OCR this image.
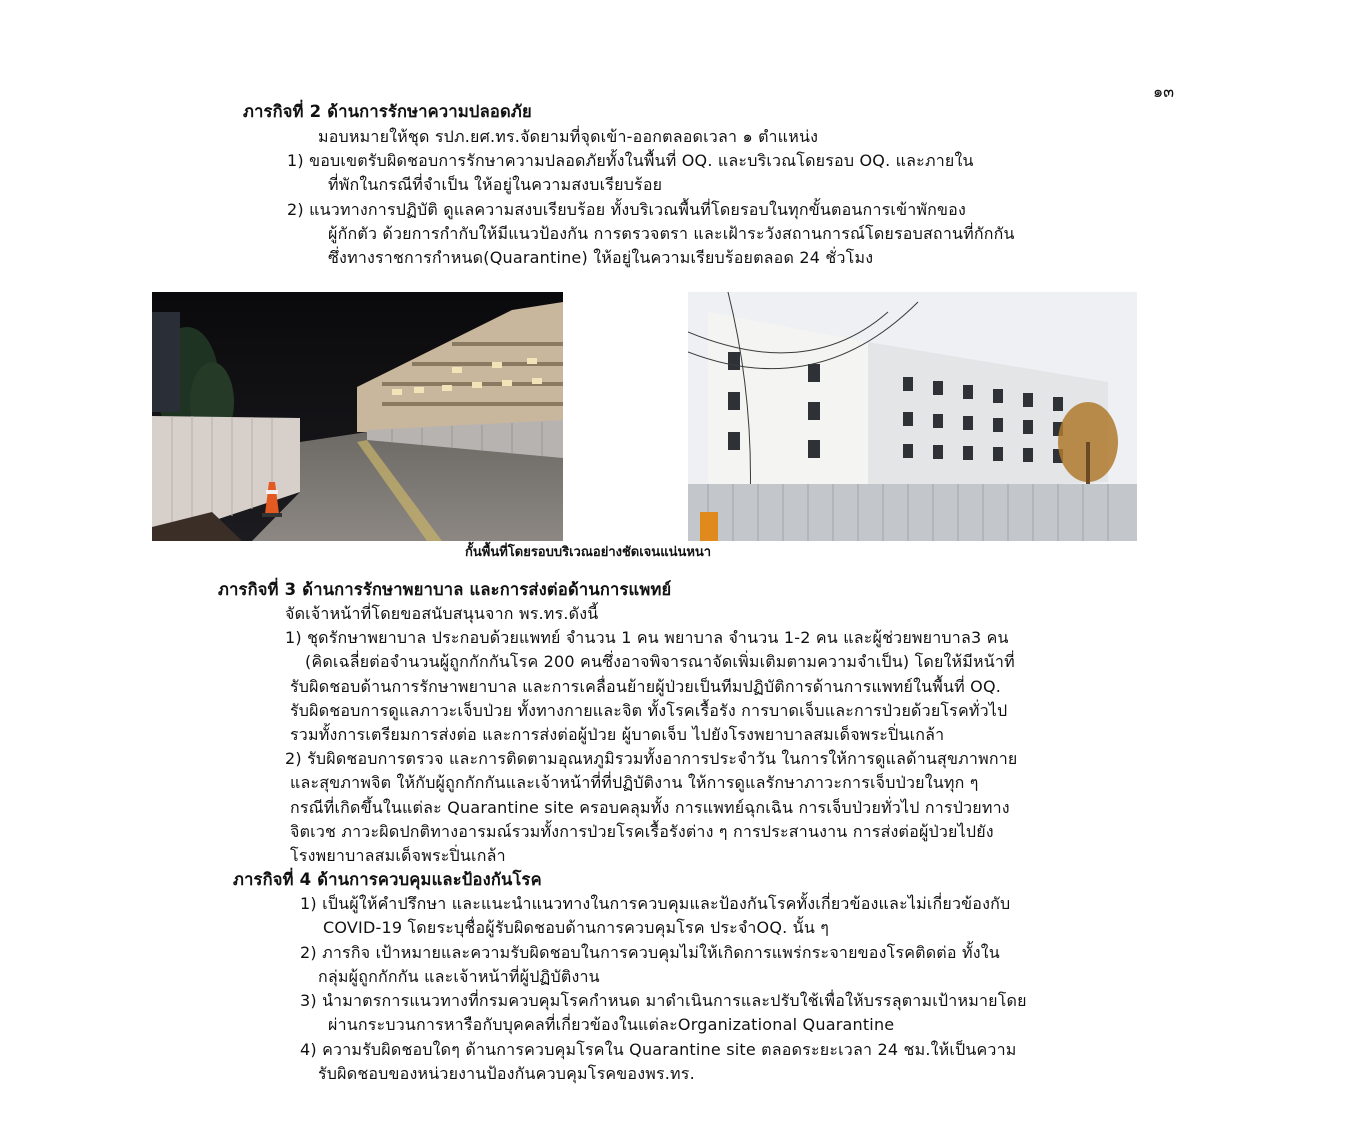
๑๓
ภารกิจที่ 2 ด้านการรักษาความปลอดภัย
มอบหมายให้ชุด รปภ.ยศ.ทร.จัดยามที่จุดเข้า-ออกตลอดเวลา ๑ ตำแหน่ง
1) ขอบเขตรับผิดชอบการรักษาความปลอดภัยทั้งในพื้นที่ OQ. และบริเวณโดยรอบ OQ. และภายใน
ที่พักในกรณีที่จำเป็น ให้อยู่ในความสงบเรียบร้อย
2) แนวทางการปฏิบัติ ดูแลความสงบเรียบร้อย ทั้งบริเวณพื้นที่โดยรอบในทุกขั้นตอนการเข้าพักของ
ผู้กักตัว ด้วยการกำกับให้มีแนวป้องกัน การตรวจตรา และเฝ้าระวังสถานการณ์โดยรอบสถานที่กักกัน
ซึ่งทางราชการกำหนด(Quarantine) ให้อยู่ในความเรียบร้อยตลอด 24 ชั่วโมง
กั้นพื้นที่โดยรอบบริเวณอย่างชัดเจนแน่นหนา
ภารกิจที่ 3 ด้านการรักษาพยาบาล และการส่งต่อด้านการแพทย์
จัดเจ้าหน้าที่โดยขอสนับสนุนจาก พร.ทร.ดังนี้
1) ชุดรักษาพยาบาล ประกอบด้วยแพทย์ จำนวน 1 คน พยาบาล จำนวน 1-2 คน และผู้ช่วยพยาบาล3 คน
(คิดเฉลี่ยต่อจำนวนผู้ถูกกักกันโรค 200 คนซึ่งอาจพิจารณาจัดเพิ่มเติมตามความจำเป็น) โดยให้มีหน้าที่
รับผิดชอบด้านการรักษาพยาบาล และการเคลื่อนย้ายผู้ป่วยเป็นทีมปฏิบัติการด้านการแพทย์ในพื้นที่ OQ.
รับผิดชอบการดูแลภาวะเจ็บป่วย ทั้งทางกายและจิต ทั้งโรคเรื้อรัง การบาดเจ็บและการป่วยด้วยโรคทั่วไป
รวมทั้งการเตรียมการส่งต่อ และการส่งต่อผู้ป่วย ผู้บาดเจ็บ ไปยังโรงพยาบาลสมเด็จพระปิ่นเกล้า
2) รับผิดชอบการตรวจ และการติดตามอุณหภูมิรวมทั้งอาการประจำวัน ในการให้การดูแลด้านสุขภาพกาย
และสุขภาพจิต ให้กับผู้ถูกกักกันและเจ้าหน้าที่ที่ปฏิบัติงาน ให้การดูแลรักษาภาวะการเจ็บป่วยในทุก ๆ
กรณีที่เกิดขึ้นในแต่ละ Quarantine site ครอบคลุมทั้ง การแพทย์ฉุกเฉิน การเจ็บป่วยทั่วไป การป่วยทาง
จิตเวช ภาวะผิดปกติทางอารมณ์รวมทั้งการป่วยโรคเรื้อรังต่าง ๆ การประสานงาน การส่งต่อผู้ป่วยไปยัง
โรงพยาบาลสมเด็จพระปิ่นเกล้า
ภารกิจที่ 4 ด้านการควบคุมและป้องกันโรค
1) เป็นผู้ให้คำปรึกษา และแนะนำแนวทางในการควบคุมและป้องกันโรคทั้งเกี่ยวข้องและไม่เกี่ยวข้องกับ
COVID-19 โดยระบุชื่อผู้รับผิดชอบด้านการควบคุมโรค ประจำOQ. นั้น ๆ
2) ภารกิจ เป้าหมายและความรับผิดชอบในการควบคุมไม่ให้เกิดการแพร่กระจายของโรคติดต่อ ทั้งใน
กลุ่มผู้ถูกกักกัน และเจ้าหน้าที่ผู้ปฏิบัติงาน
3) นำมาตรการแนวทางที่กรมควบคุมโรคกำหนด มาดำเนินการและปรับใช้เพื่อให้บรรลุตามเป้าหมายโดย
ผ่านกระบวนการหารือกับบุคคลที่เกี่ยวข้องในแต่ละOrganizational Quarantine
4) ความรับผิดชอบใดๆ ด้านการควบคุมโรคใน Quarantine site ตลอดระยะเวลา 24 ชม.ให้เป็นความ
รับผิดชอบของหน่วยงานป้องกันควบคุมโรคของพร.ทร.
